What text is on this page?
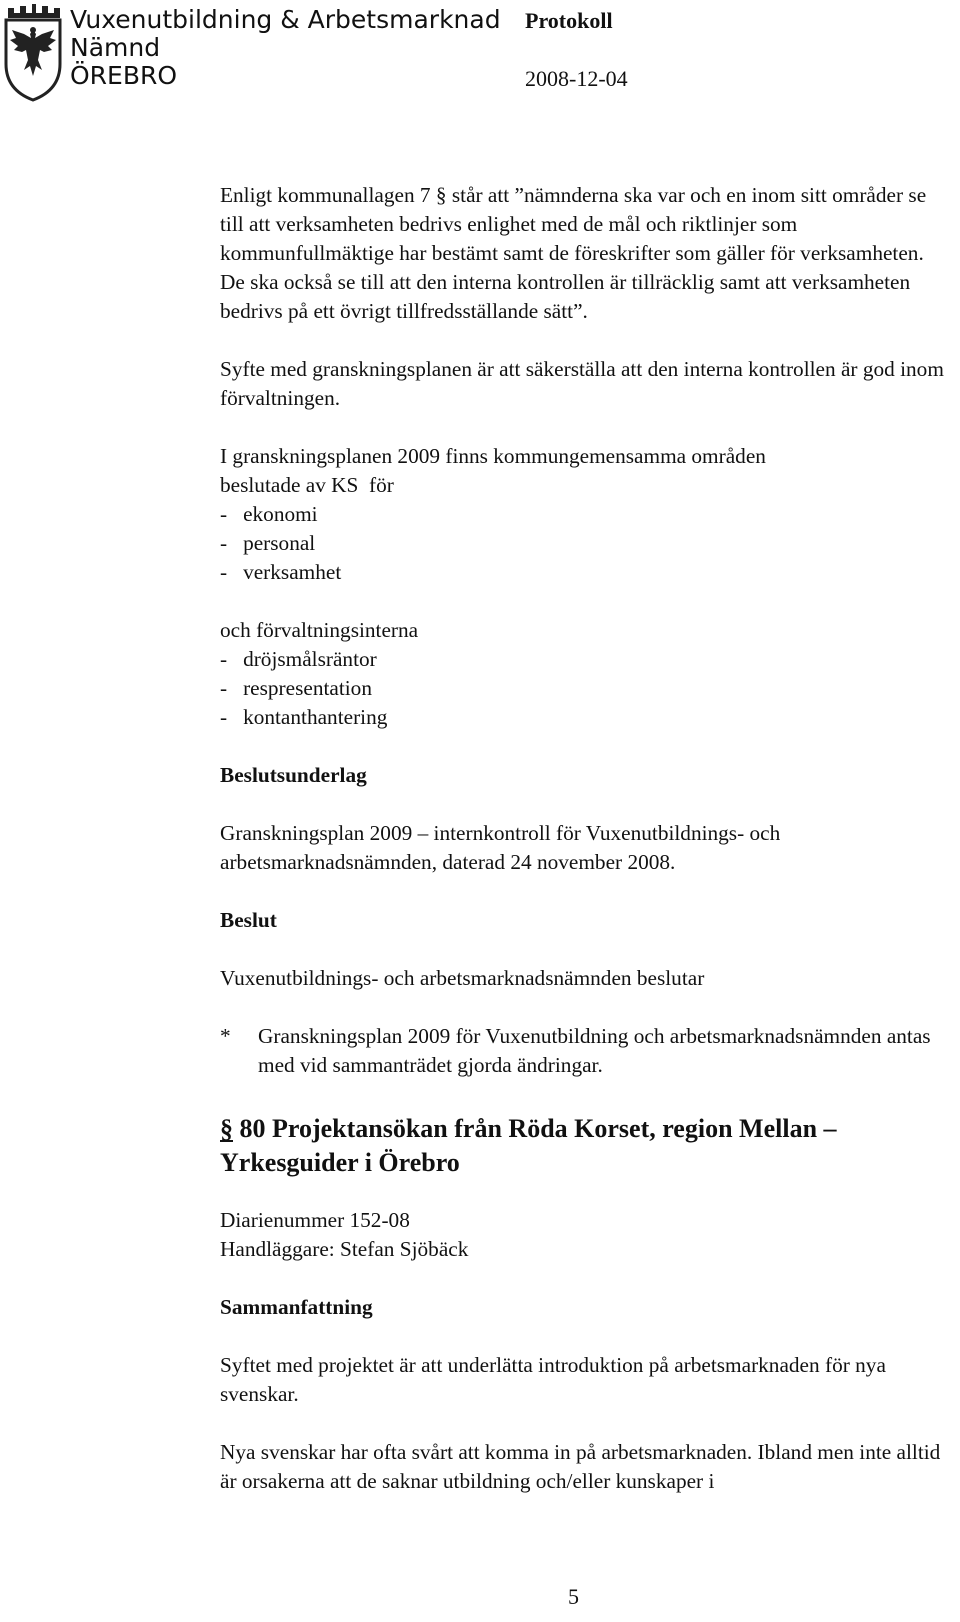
Vuxenutbildning & Arbetsmarknad
Nämnd
ÖREBRO
Protokoll
2008-12-04

Enligt kommunallagen 7 § står att ”nämnderna ska var och en inom sitt områder se till att verksamheten bedrivs enlighet med de mål och riktlinjer som kommunfullmäktige har bestämt samt de föreskrifter som gäller för verksamheten. De ska också se till att den interna kontrollen är tillräcklig samt att verksamheten bedrivs på ett övrigt tillfredsställande sätt”.

Syfte med granskningsplanen är att säkerställa att den interna kontrollen är god inom förvaltningen.

I granskningsplanen 2009 finns kommungemensamma områden
beslutade av KS  för
-   ekonomi
-   personal
-   verksamhet
och förvaltningsinterna
-   dröjsmålsräntor
-   respresentation
-   kontanthantering
Beslutsunderlag

Granskningsplan 2009 – internkontroll för Vuxenutbildnings- och arbetsmarknadsnämnden, daterad 24 november 2008.

Beslut

Vuxenutbildnings- och arbetsmarknadsnämnden beslutar

*	Granskningsplan 2009 för Vuxenutbildning och arbetsmarknadsnämnden antas med vid sammanträdet gjorda ändringar.
§ 80 Projektansökan från Röda Korset, region Mellan –
Yrkesguider i Örebro
Diarienummer 152-08
Handläggare: Stefan Sjöbäck
Sammanfattning

Syftet med projektet är att underlätta introduktion på arbetsmarknaden för nya svenskar.

Nya svenskar har ofta svårt att komma in på arbetsmarknaden. Ibland men inte alltid är orsakerna att de saknar utbildning och/eller kunskaper i

5
